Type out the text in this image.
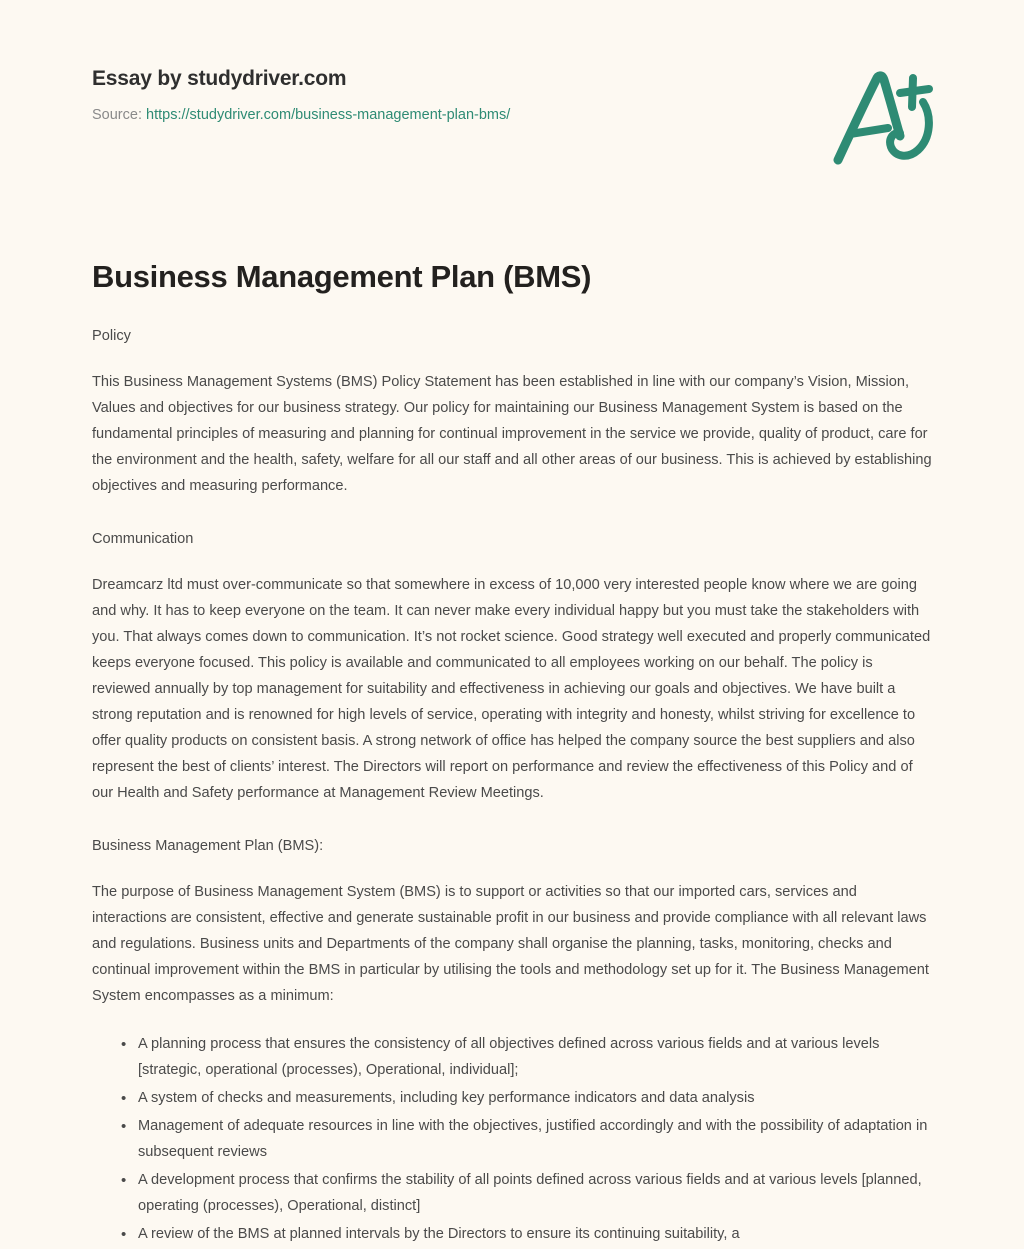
Essay by studydriver.com
Source: https://studydriver.com/business-management-plan-bms/
Business Management Plan (BMS)
Policy

This Business Management Systems (BMS) Policy Statement has been established in line with our company’s Vision, Mission, Values and objectives for our business strategy. Our policy for maintaining our Business Management System is based on the fundamental principles of measuring and planning for continual improvement in the service we provide, quality of product, care for the environment and the health, safety, welfare for all our staff and all other areas of our business. This is achieved by establishing objectives and measuring performance.

Communication

Dreamcarz ltd must over-communicate so that somewhere in excess of 10,000 very interested people know where we are going and why. It has to keep everyone on the team. It can never make every individual happy but you must take the stakeholders with you. That always comes down to communication. It’s not rocket science. Good strategy well executed and properly communicated keeps everyone focused. This policy is available and communicated to all employees working on our behalf. The policy is reviewed annually by top management for suitability and effectiveness in achieving our goals and objectives. We have built a strong reputation and is renowned for high levels of service, operating with integrity and honesty, whilst striving for excellence to offer quality products on consistent basis. A strong network of office has helped the company source the best suppliers and also represent the best of clients’ interest. The Directors will report on performance and review the effectiveness of this Policy and of our Health and Safety performance at Management Review Meetings.

Business Management Plan (BMS):

The purpose of Business Management System (BMS) is to support or activities so that our imported cars, services and interactions are consistent, effective and generate sustainable profit in our business and provide compliance with all relevant laws and regulations. Business units and Departments of the company shall organise the planning, tasks, monitoring, checks and continual improvement within the BMS in particular by utilising the tools and methodology set up for it. The Business Management System encompasses as a minimum:

• A planning process that ensures the consistency of all objectives defined across various fields and at various levels [strategic, operational (processes), Operational, individual];
• A system of checks and measurements, including key performance indicators and data analysis
• Management of adequate resources in line with the objectives, justified accordingly and with the possibility of adaptation in subsequent reviews
• A development process that confirms the stability of all points defined across various fields and at various levels [planned, operating (processes), Operational, distinct]
• A review of the BMS at planned intervals by the Directors to ensure its continuing suitability, a
